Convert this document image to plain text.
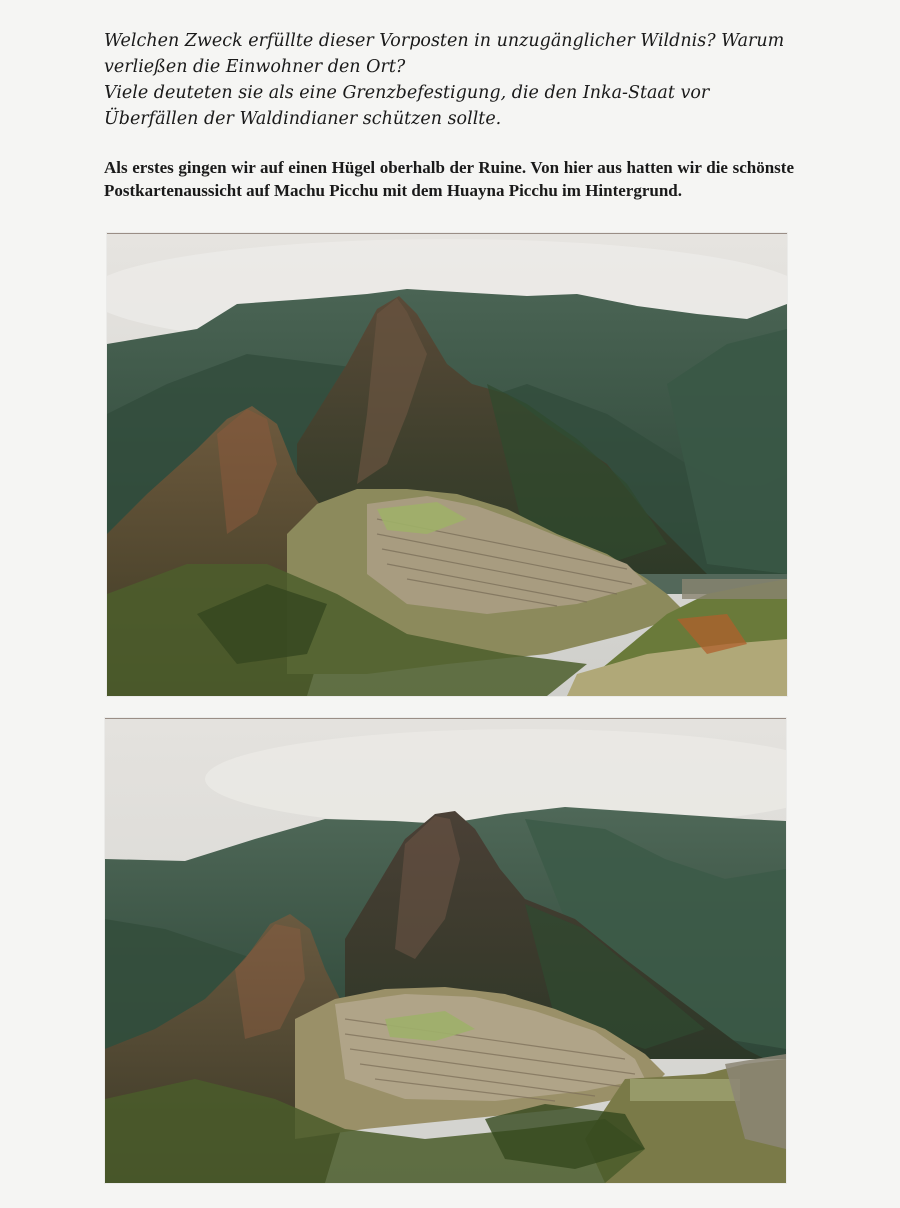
Welchen Zweck erfüllte dieser Vorposten in unzugänglicher Wildnis? Warum verließen die Einwohner den Ort?

Viele deuteten sie als eine Grenzbefestigung, die den Inka-Staat vor Überfällen der Waldindianer schützen sollte.

Als erstes gingen wir auf einen Hügel oberhalb der Ruine. Von hier aus hatten wir die schönste Postkartenaussicht auf Machu Picchu mit dem Huayna Picchu im Hintergrund.
